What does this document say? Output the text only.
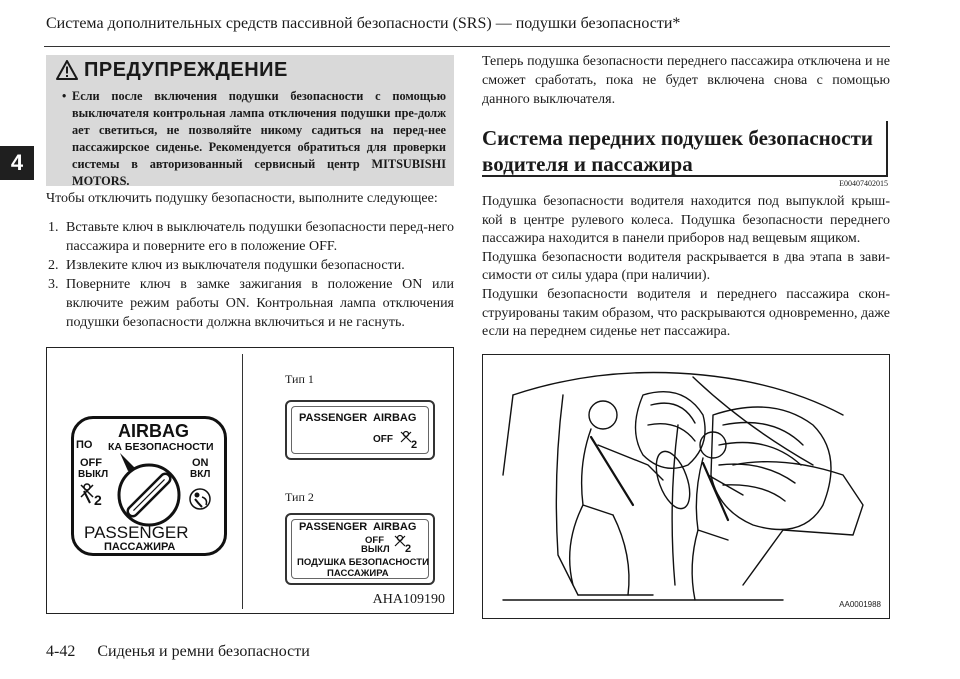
Система дополнительных средств пассивной безопасности (SRS) — подушки безопасности*
4
ПРЕДУПРЕЖДЕНИЕ
• Если после включения подушки безопасности с помощью выключателя контрольная лампа отключения подушки пре-долж ает светиться, не позволяйте никому садиться на перед-нее пассажирское сиденье. Рекомендуется обратиться для проверки системы в авторизованный сервисный центр MITSUBISHI MOTORS.
Чтобы отключить подушку безопасности, выполните следующее:
1. Вставьте ключ в выключатель подушки безопасности перед-него пассажира и поверните его в положение OFF.
2. Извлеките ключ из выключателя подушки безопасности.
3. Поверните ключ в замке зажигания в положение ON или включите режим работы ON. Контрольная лампа отключения подушки безопасности должна включиться и не гаснуть.
AIRBAG
ПО КА БЕЗОПАСНОСТИ
OFF
ВЫКЛ
ON
ВКЛ
2
PASSENGER
ПАССАЖИРА
Тип 1
PASSENGER AIRBAG
OFF 2
Тип 2
PASSENGER AIRBAG
OFF
ВЫКЛ 2
ПОДУШКА БЕЗОПАСНОСТИ
ПАССАЖИРА
AHA109190
Теперь подушка безопасности переднего пассажира отключена и не сможет сработать, пока не будет включена снова с помощью данного выключателя.
Система передних подушек безопасности
водителя и пассажира
E00407402015

Подушка безопасности водителя находится под выпуклой крыш-кой в центре рулевого колеса. Подушка безопасности переднего пассажира находится в панели приборов над вещевым ящиком.

Подушка безопасности водителя раскрывается в два этапа в зави-симости от силы удара (при наличии).

Подушки безопасности водителя и переднего пассажира скон-струированы таким образом, что раскрываются одновременно, даже если на переднем сиденье нет пассажира.

AA0001988
4-42 Сиденья и ремни безопасности
